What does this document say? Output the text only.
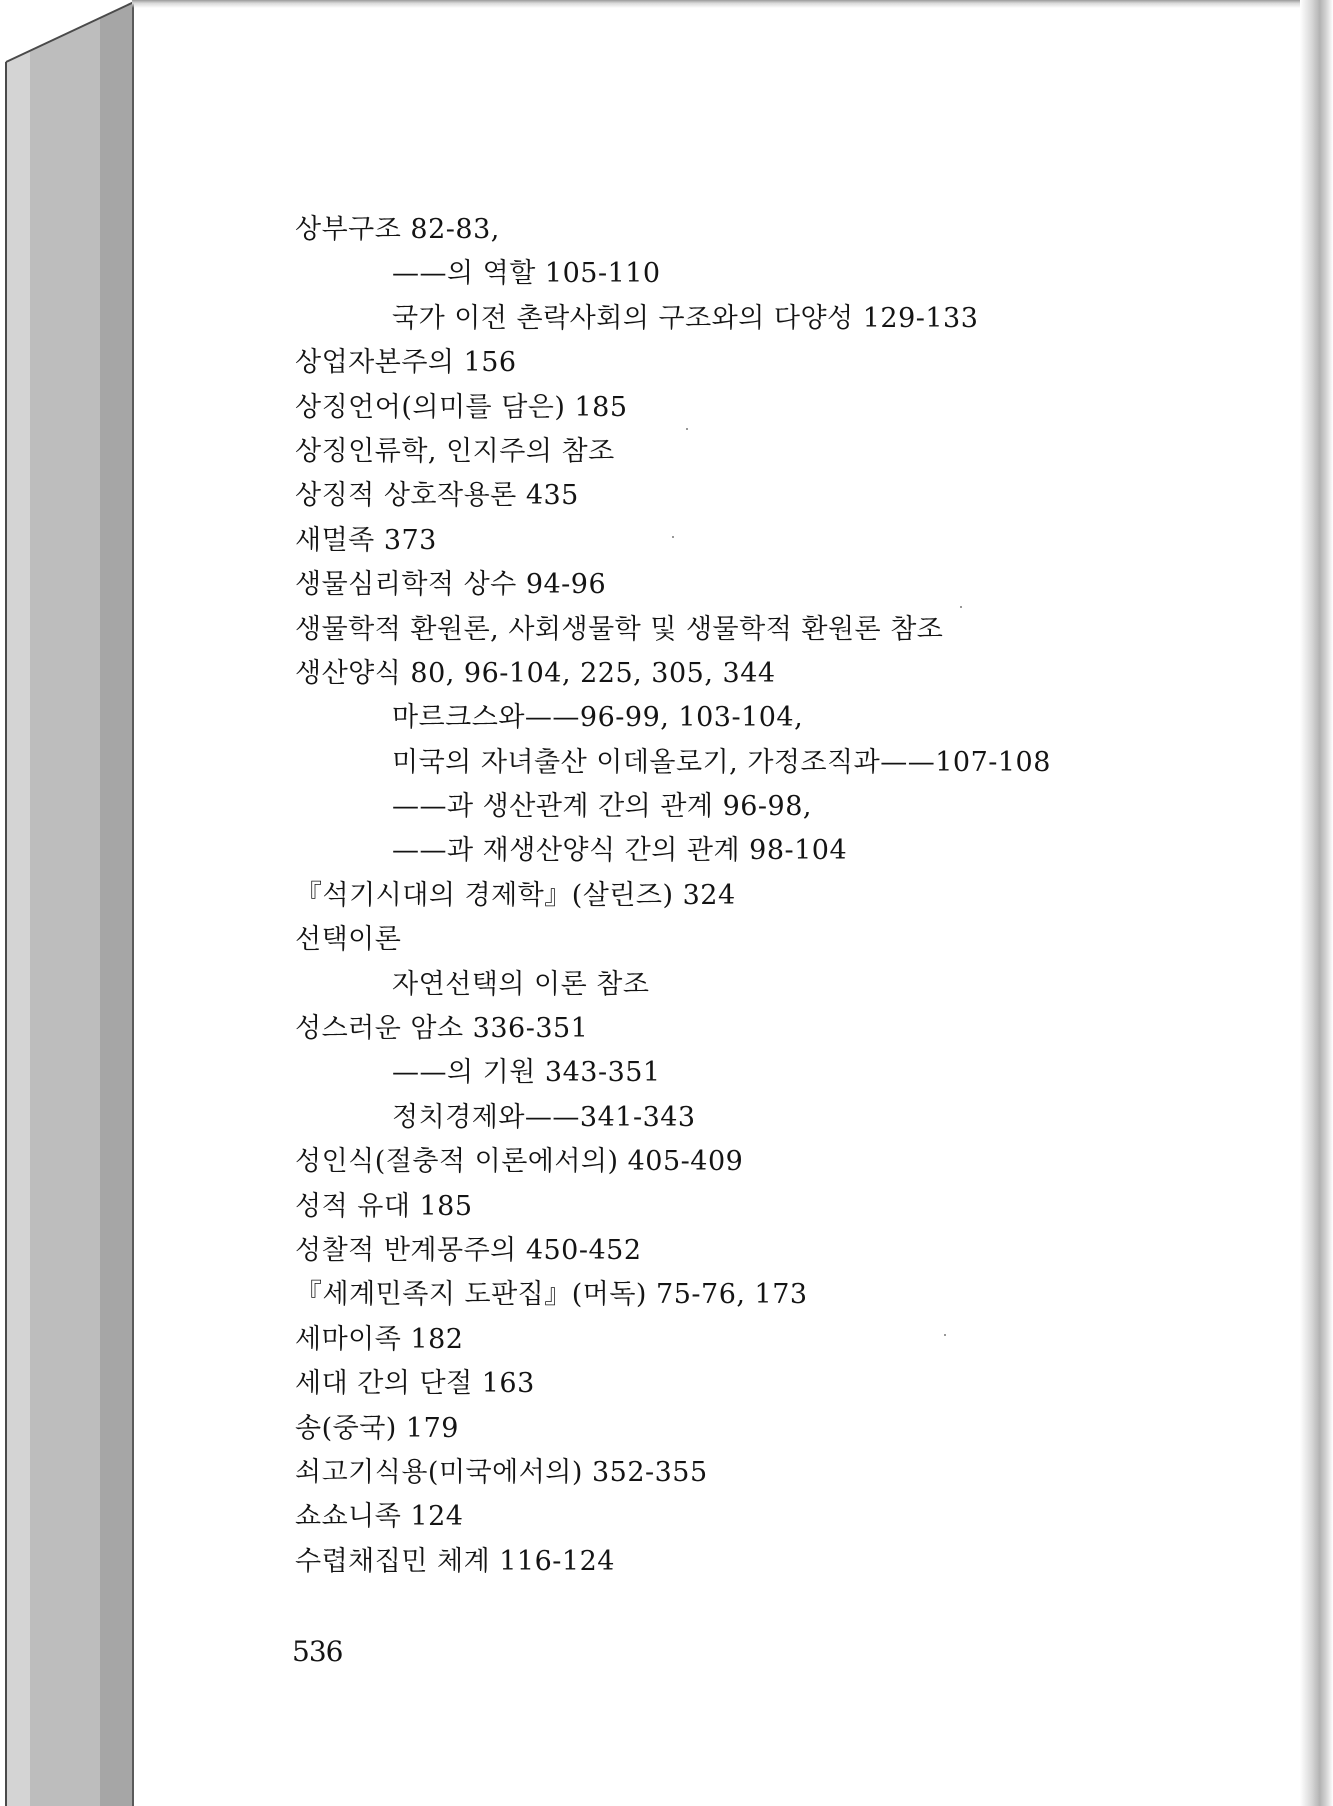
상부구조 82-83,
——의 역할 105-110
국가 이전 촌락사회의 구조와의 다양성 129-133
상업자본주의 156
상징언어(의미를 담은) 185
상징인류학, 인지주의 참조
상징적 상호작용론 435
새멀족 373
생물심리학적 상수 94-96
생물학적 환원론, 사회생물학 및 생물학적 환원론 참조
생산양식 80, 96-104, 225, 305, 344
마르크스와——96-99, 103-104,
미국의 자녀출산 이데올로기, 가정조직과——107-108
——과 생산관계 간의 관계 96-98,
——과 재생산양식 간의 관계 98-104
『석기시대의 경제학』(살린즈) 324
선택이론
자연선택의 이론 참조
성스러운 암소 336-351
——의 기원 343-351
정치경제와——341-343
성인식(절충적 이론에서의) 405-409
성적 유대 185
성찰적 반계몽주의 450-452
『세계민족지 도판집』(머독) 75-76, 173
세마이족 182
세대 간의 단절 163
송(중국) 179
쇠고기식용(미국에서의) 352-355
쇼쇼니족 124
수렵채집민 체계 116-124
536
